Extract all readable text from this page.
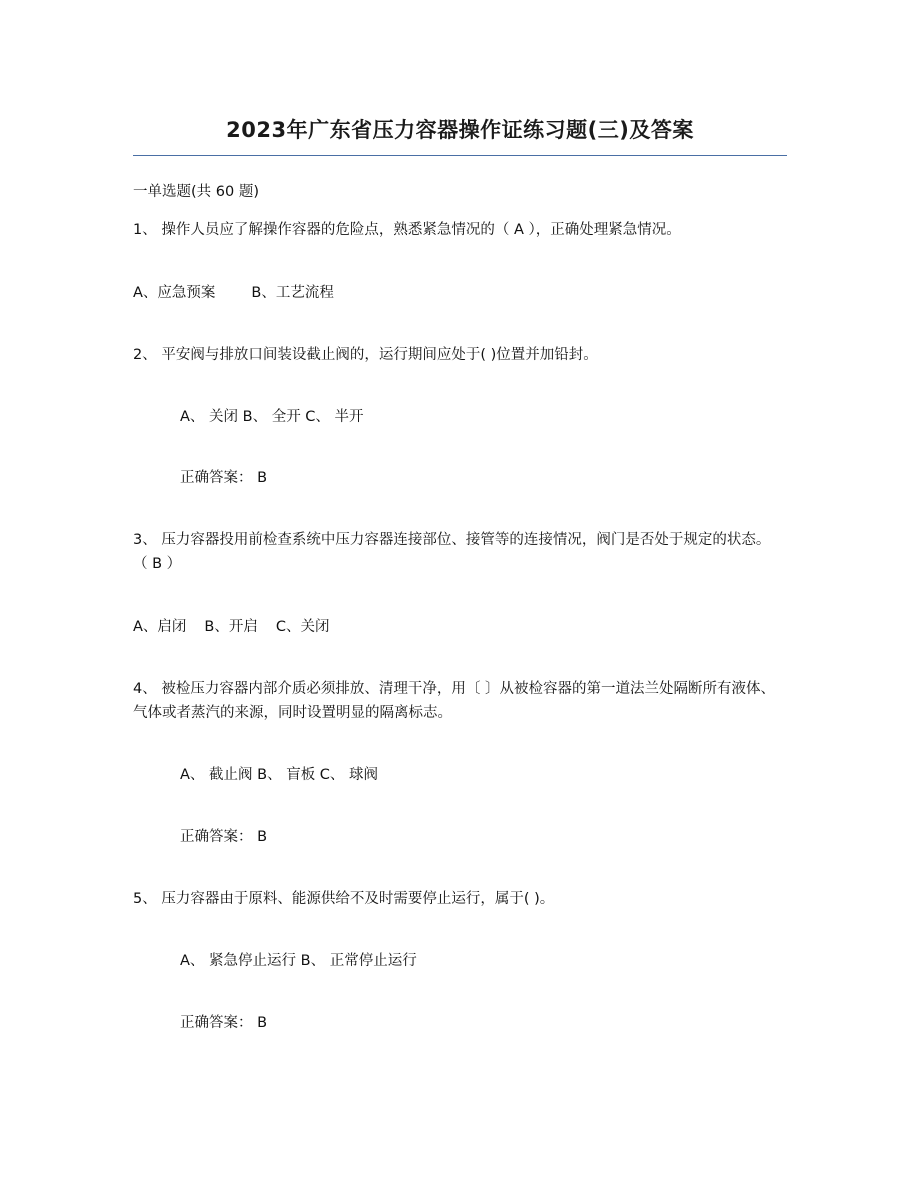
2023年广东省压力容器操作证练习题(三)及答案
一单选题(共 60 题)
1、 操作人员应了解操作容器的危险点，熟悉紧急情况的（ A ），正确处理紧急情况。
A、应急预案 B、工艺流程
2、 平安阀与排放口间装设截止阀的，运行期间应处于( )位置并加铅封。
A、 关闭 B、 全开 C、 半开
正确答案： B
3、 压力容器投用前检查系统中压力容器连接部位、接管等的连接情况，阀门是否处于规定的状态。 （ B ）
A、启闭 B、开启 C、关闭
4、 被检压力容器内部介质必须排放、清理干净，用〔 〕从被检容器的第一道法兰处隔断所有液体、气体或者蒸汽的来源，同时设置明显的隔离标志。
A、 截止阀 B、 盲板 C、 球阀
正确答案： B
5、 压力容器由于原料、能源供给不及时需要停止运行，属于( )。
A、 紧急停止运行 B、 正常停止运行
正确答案： B
